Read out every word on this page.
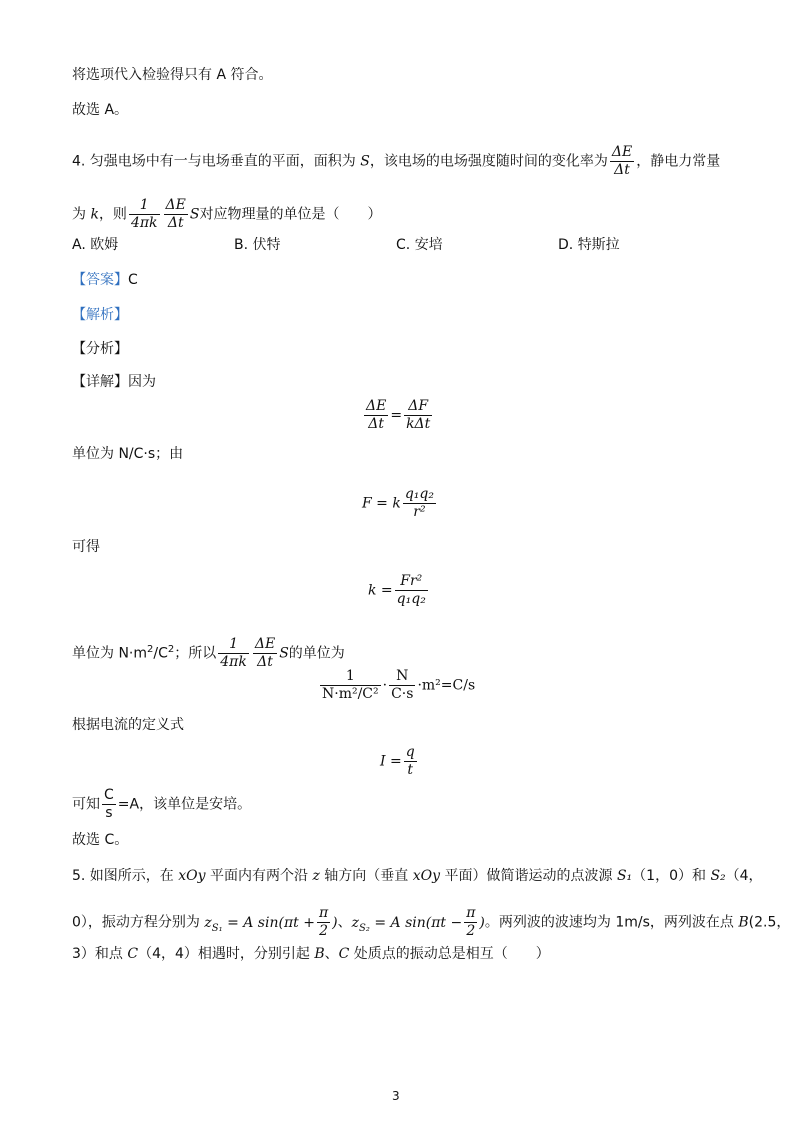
将选项代入检验得只有 A 符合。
故选 A。
4. 匀强电场中有一与电场垂直的平面，面积为 S，该电场的电场强度随时间的变化率为 $\frac{\Delta E}{\Delta t}$ ，静电力常量
为 k，则 $\frac{1}{4\pi k} \frac{\Delta E}{\Delta t}$ S对应物理量的单位是（　　）
A. 欧姆	B. 伏特	C. 安培	D. 特斯拉
【答案】C
【解析】
【分析】
【详解】因为
$\frac{\Delta E}{\Delta t} = \frac{\Delta F}{\text{kΔt}}$
单位为 N/C·s；由
F = k $\frac{\text{q₁q₂}}{\text{r²}}$
可得
$k = \frac{\text{Fr²}}{\text{q₁q₂}}$
单位为 $N\cdot m^2/C^2$；所以 $\frac{1}{4\pi k} \frac{\Delta E}{\Delta t}$ S的单位为
$\frac{1}{\text{N·m²/C²}} \cdot \frac{N}{C\cdot s} \cdot m^2=C/s$
根据电流的定义式
$I = \frac{q}{t}$
可知 $\frac{C}{s} =A$，该单位是安培。
故选 C。
5. 如图所示，在 xOy 平面内有两个沿 z 轴方向（垂直 xOy 平面）做简谐运动的点波源 S₁（1，0）和 S₂（4，
0），振动方程分别为 $z_{S_1} = A$ $\sin(\pi t + \frac{\pi}{2}$ )、$z_{S_2} = A$ $\sin(\pi t - \frac{\pi}{2}$ )。两列波的波速均为 1m/s，两列波在点 B(2.5，
3）和点 C（4，4）相遇时，分别引起 B、C 处质点的振动总是相互（　　）
3
